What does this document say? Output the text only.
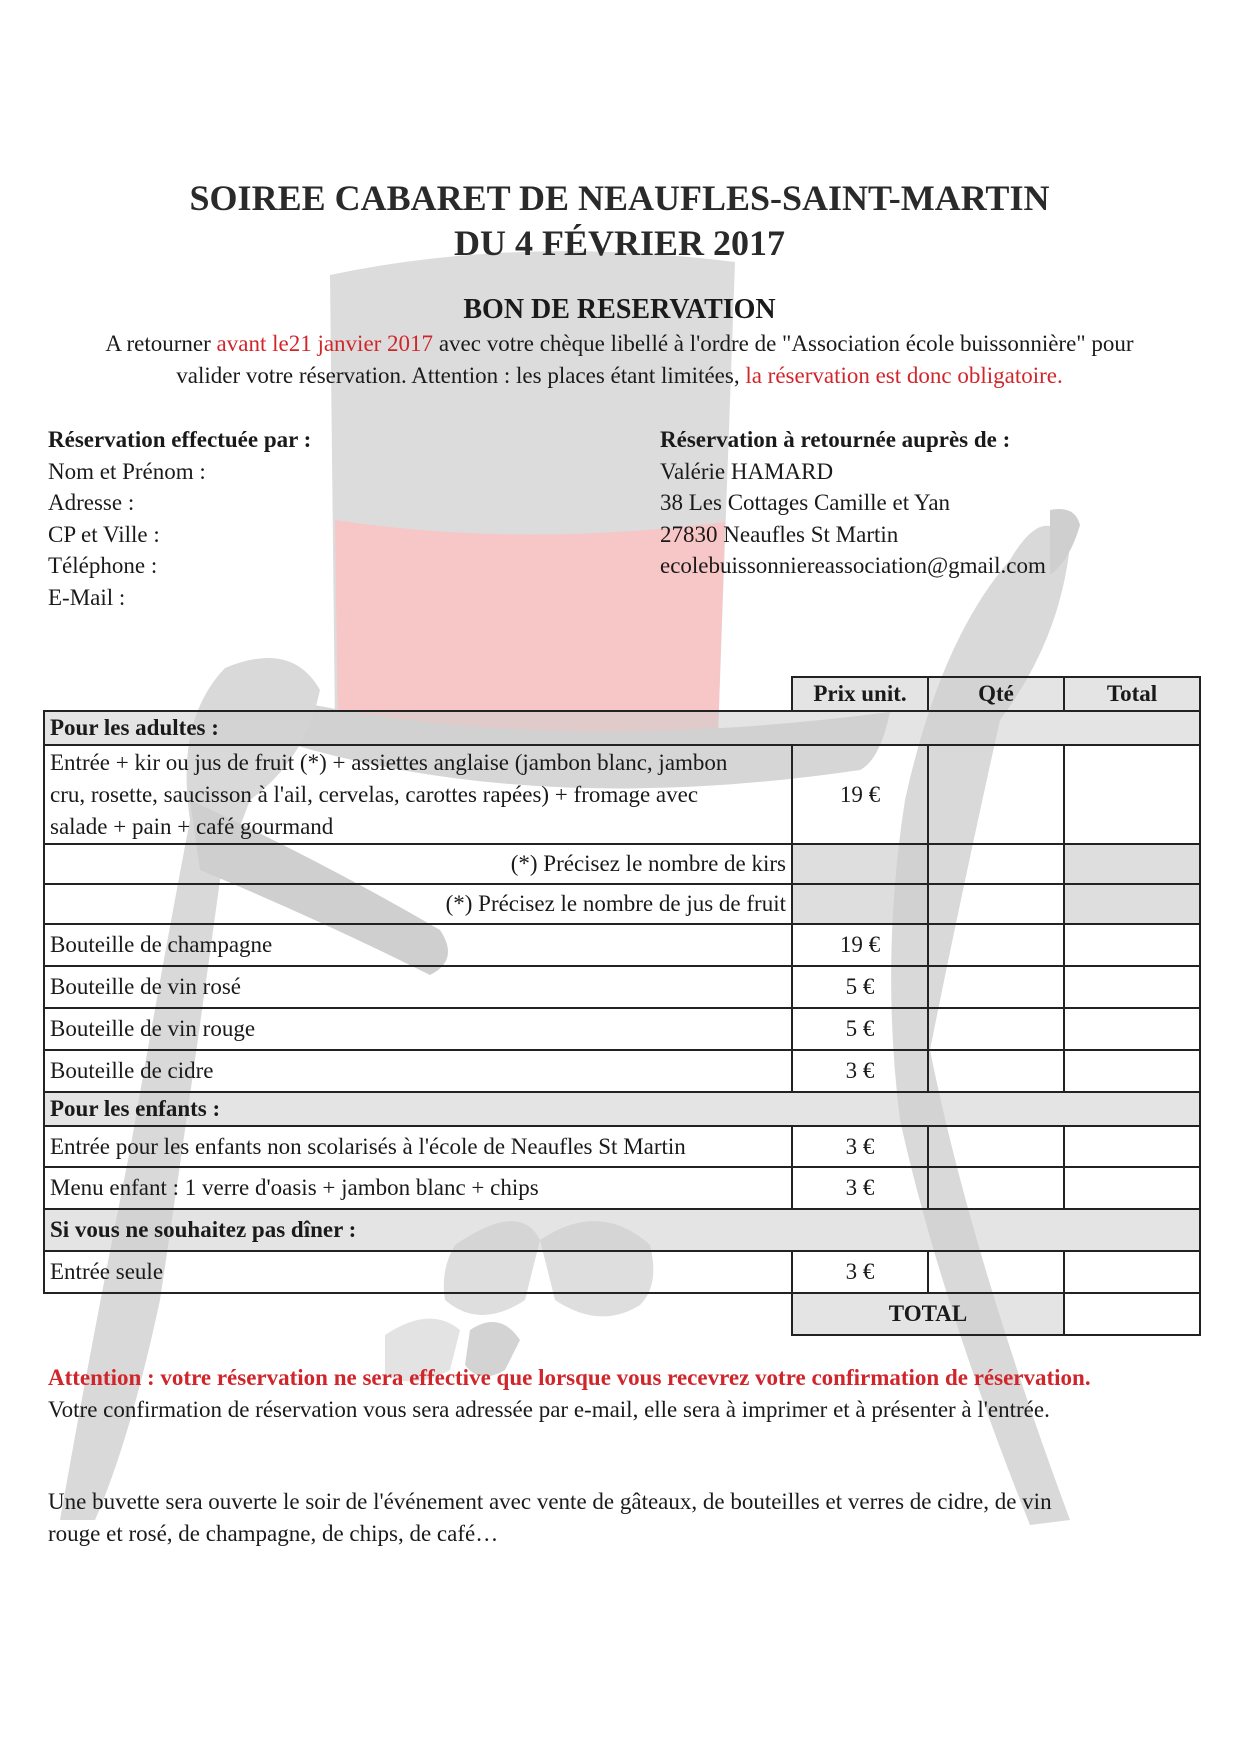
SOIREE CABARET DE NEAUFLES-SAINT-MARTIN
DU 4 FÉVRIER 2017
BON DE RESERVATION
A retourner avant le21 janvier 2017 avec votre chèque libellé à l'ordre de "Association école buissonnière" pour
valider votre réservation. Attention : les places étant limitées, la réservation est donc obligatoire.
Réservation effectuée par :
Nom et Prénom :
Adresse :
CP et Ville :
Téléphone :
E-Mail :
Réservation à retournée auprès de :
Valérie HAMARD
38 Les Cottages Camille et Yan
27830 Neaufles St Martin
ecolebuissonniereassociation@gmail.com
	Prix unit.	Qté	Total
Pour les adultes :			

Entrée + kir ou jus de fruit (*) + assiettes anglaise (jambon blanc, jambon
cru, rosette, saucisson à l'ail, cervelas, carottes rapées) + fromage avec
salade + pain + café gourmand	19 €		
(*) Précisez le nombre de kirs			
(*) Précisez le nombre de jus de fruit			
Bouteille de champagne	19 €		
Bouteille de vin rosé	5 €		
Bouteille de vin rouge	5 €		
Bouteille de cidre	3 €		
Pour les enfants :			
Entrée pour les enfants non scolarisés à l'école de Neaufles St Martin	3 €		
Menu enfant : 1 verre d'oasis + jambon blanc + chips	3 €		
Si vous ne souhaitez pas dîner :			
Entrée seule	3 €		
	TOTAL		
Attention : votre réservation ne sera effective que lorsque vous recevrez votre confirmation de réservation.
Votre confirmation de réservation vous sera adressée par e-mail, elle sera à imprimer et à présenter à l'entrée.
Une buvette sera ouverte le soir de l'événement avec vente de gâteaux, de bouteilles et verres de cidre, de vin
rouge et rosé, de champagne, de chips, de café…
